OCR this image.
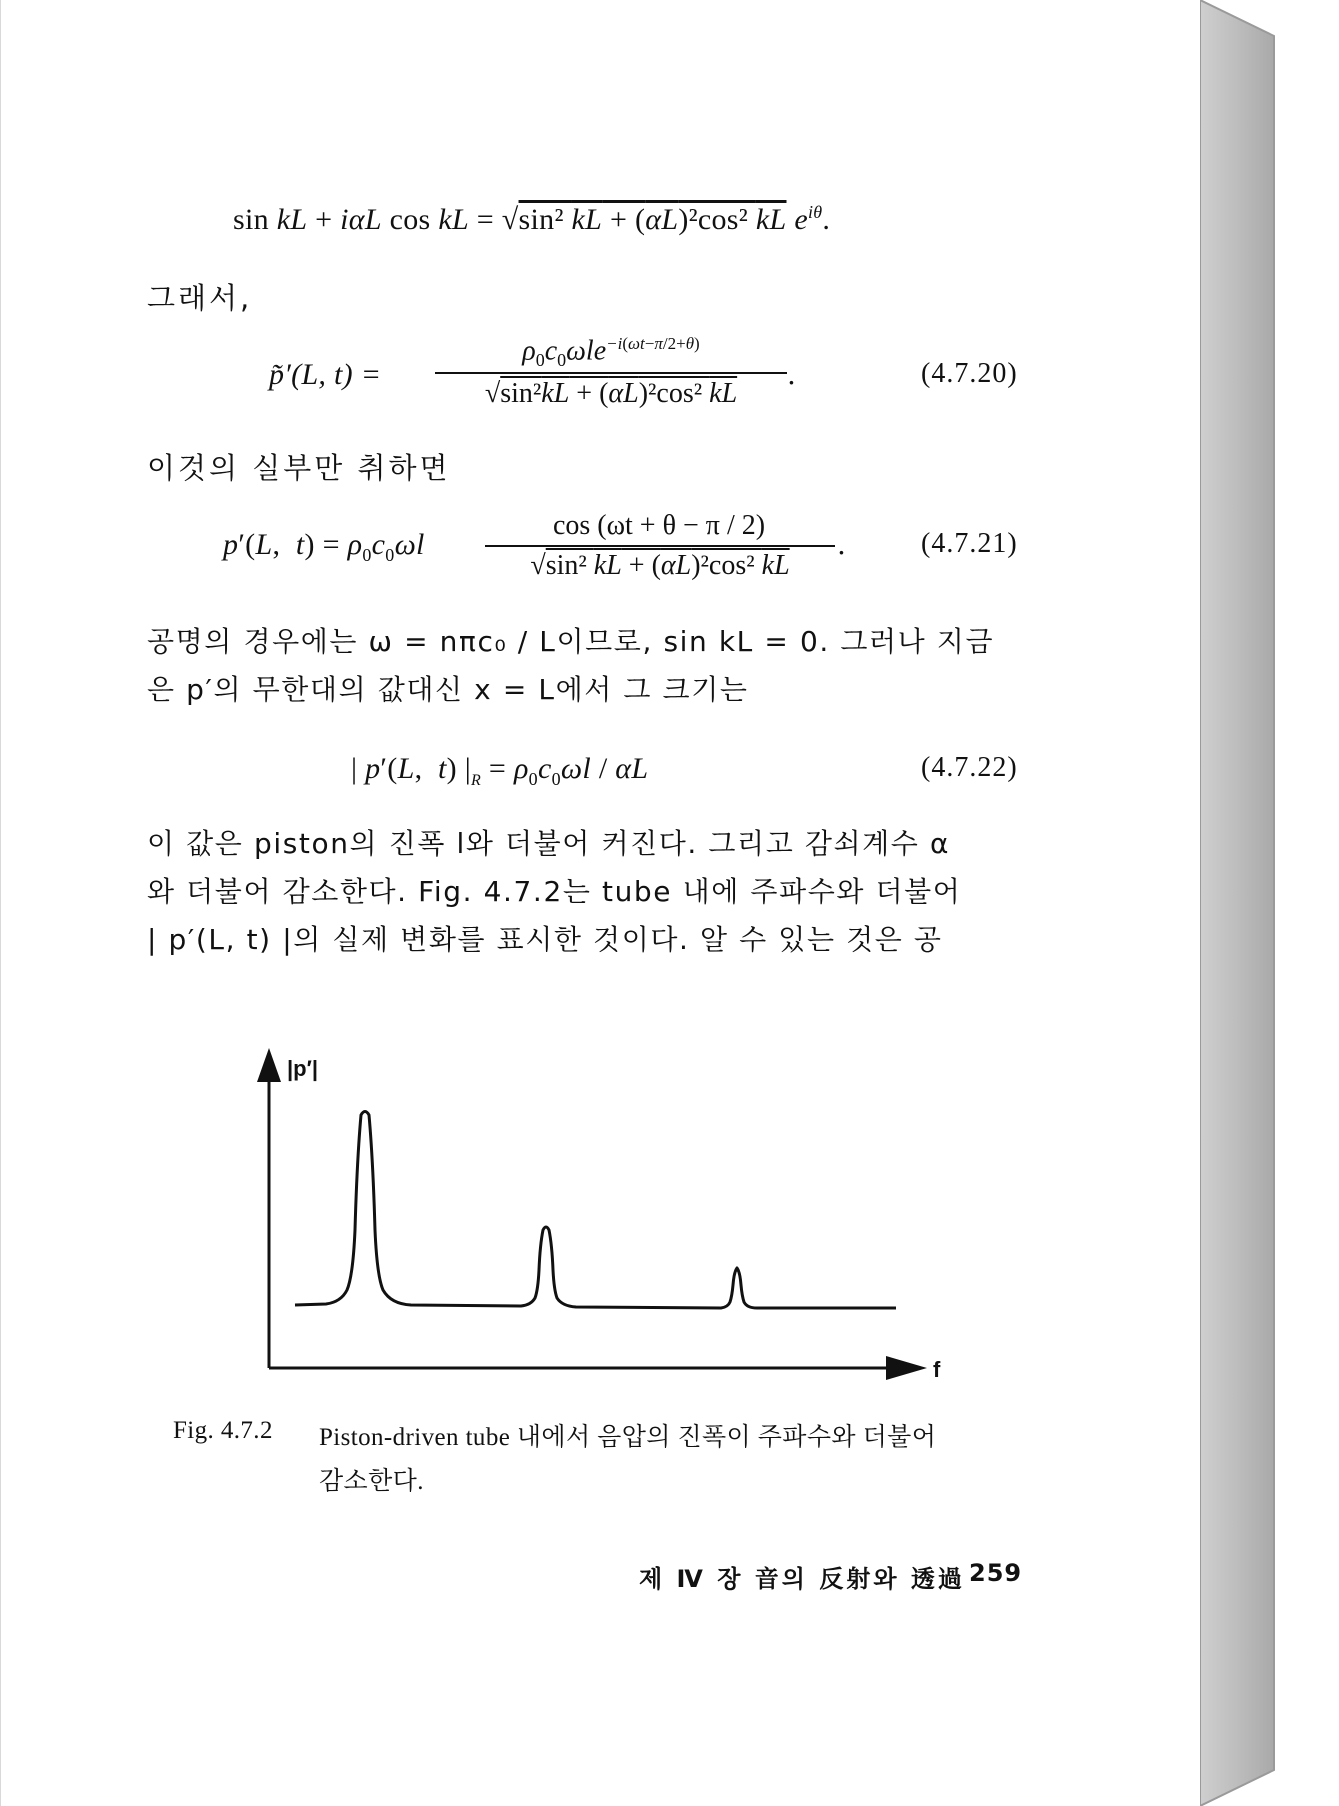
sin kL + iαL cos kL = √sin² kL + (αL)²cos² kL $e^{i\theta}$.
그래서,
p̃′(L, t) =
$\rho_0c_0\omega le^{-i(\omega t-\pi/2+\theta)}$
√sin²kL + (αL)²cos² kL
.	(4.7.20)
이것의 실부만 취하면
p′(L,  $t) = \rho_0c_0\omega l$
cos (ωt + θ − π / 2)
√sin² kL + (αL)²cos² kL
.	(4.7.21)
공명의 경우에는 ω = nπc₀ / L이므로, sin kL = 0. 그러나 지금
은 p′의 무한대의 값대신 x = L에서 그 크기는
| p′(L,  t) $|_R = \rho_0c_0\omega l / \alpha L$	(4.7.22)
이 값은 piston의 진폭 l와 더불어 커진다. 그리고 감쇠계수 α
와 더불어 감소한다. Fig. 4.7.2는 tube 내에 주파수와 더불어
| p′(L, t) |의 실제 변화를 표시한 것이다. 알 수 있는 것은 공
|p′|
f
Fig. 4.7.2 Piston-driven tube 내에서 음압의 진폭이 주파수와 더불어
감소한다.
제 Ⅳ 장 音의 反射와 透過 259
